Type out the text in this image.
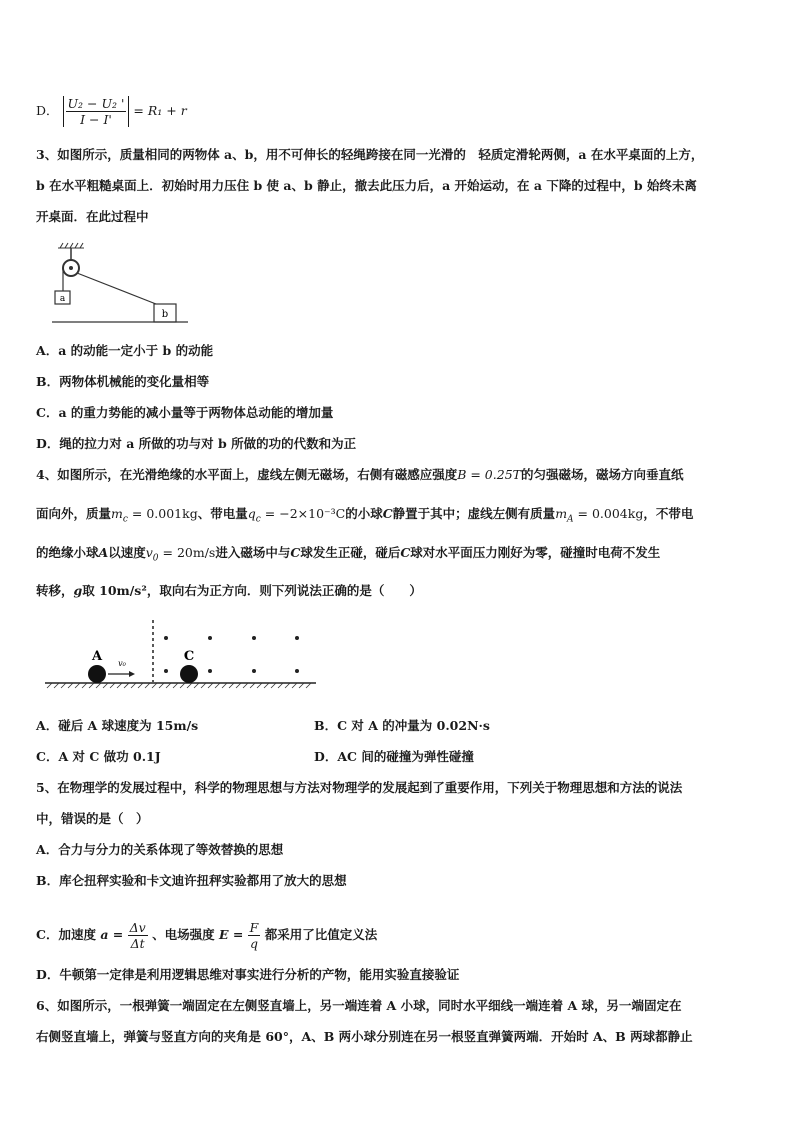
D． $\frac{\text{U₂ − U₂ '}}{I - I'} = R_1 + r$
3、如图所示，质量相同的两物体 a、b，用不可伸长的轻绳跨接在同一光滑的　轻质定滑轮两侧，a 在水平桌面的上方，
b 在水平粗糙桌面上．初始时用力压住 b 使 a、b 静止，撤去此压力后，a 开始运动，在 a 下降的过程中，b 始终未离
开桌面．在此过程中
a
b
A．a 的动能一定小于 b 的动能
B．两物体机械能的变化量相等
C．a 的重力势能的减小量等于两物体总动能的增加量
D．绳的拉力对 a 所做的功与对 b 所做的功的代数和为正
4、如图所示，在光滑绝缘的水平面上，虚线左侧无磁场，右侧有磁感应强度B = 0.25T的匀强磁场，磁场方向垂直纸
面向外，质量$m_c = 0.001kg$、带电量$q_c = -2\times 10^{-3}C$的小球C静置于其中；虚线左侧有质量$m_A = 0.004kg$，不带电
的绝缘小球A以速度$v_0 = 20m/s$进入磁场中与C球发生正碰，碰后C球对水平面压力刚好为零，碰撞时电荷不发生
转移，g取 10m/s²，取向右为正方向．则下列说法正确的是（　　）
A v₀	C
A．碰后 A 球速度为 15m/s	B．C 对 A 的冲量为 0.02N·s
C．A 对 C 做功 0.1J	D．AC 间的碰撞为弹性碰撞
5、在物理学的发展过程中，科学的物理思想与方法对物理学的发展起到了重要作用，下列关于物理思想和方法的说法
中，错误的是（　）
A．合力与分力的关系体现了等效替换的思想
B．库仑扭秤实验和卡文迪许扭秤实验都用了放大的思想
C．加速度 $a = \frac{\Delta v}{\Delta t}$ 、电场强度 $E = \frac{F}{q}$ 都采用了比值定义法
D．牛顿第一定律是利用逻辑思维对事实进行分析的产物，能用实验直接验证
6、如图所示，一根弹簧一端固定在左侧竖直墙上，另一端连着 A 小球，同时水平细线一端连着 A 球，另一端固定在
右侧竖直墙上，弹簧与竖直方向的夹角是 60°，A、B 两小球分别连在另一根竖直弹簧两端．开始时 A、B 两球都静止
